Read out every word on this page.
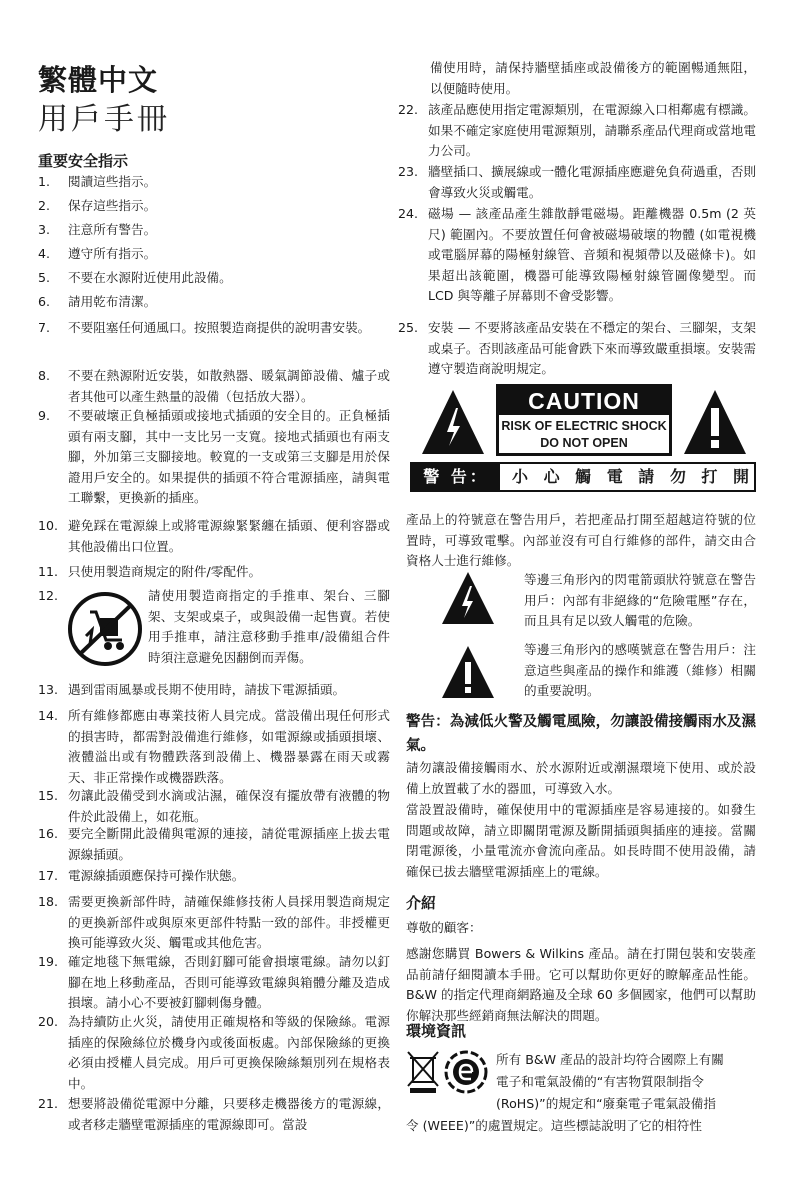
繁體中文
用戶手冊
重要安全指示
1.	閱讀這些指示。
2.	保存這些指示。
3.	注意所有警告。
4.	遵守所有指示。
5.	不要在水源附近使用此設備。
6.	請用乾布清潔。
7.	不要阻塞任何通風口。按照製造商提供的說明書安裝。
8.	不要在熱源附近安裝，如散熱器、暖氣調節設備、爐子或者其他可以產生熱量的設備（包括放大器）。
9.	不要破壞正負極插頭或接地式插頭的安全目的。正負極插頭有兩支腳，其中一支比另一支寬。接地式插頭也有兩支腳，外加第三支腳接地。較寬的一支或第三支腳是用於保證用戶安全的。如果提供的插頭不符合電源插座，請與電工聯繫，更換新的插座。
10. 避免踩在電源線上或將電源線緊緊纏在插頭、便利容器或其他設備出口位置。
11. 只使用製造商規定的附件/零配件。
12.	請使用製造商指定的手推車、架台、三腳架、支架或桌子，或與設備一起售賣。若使用手推車，請注意移動手推車/設備組合件時須注意避免因翻倒而弄傷。
13. 遇到雷雨風暴或長期不使用時，請拔下電源插頭。
14. 所有維修都應由專業技術人員完成。當設備出現任何形式的損害時，都需對設備進行維修，如電源線或插頭損壞、液體溢出或有物體跌落到設備上、機器暴露在雨天或霧天、非正常操作或機器跌落。
15. 勿讓此設備受到水滴或沾濕，確保沒有擺放帶有液體的物件於此設備上，如花瓶。
16. 要完全斷開此設備與電源的連接，請從電源插座上拔去電源線插頭。
17. 電源線插頭應保持可操作狀態。
18. 需要更換新部件時，請確保維修技術人員採用製造商規定的更換新部件或與原來更部件特點一致的部件。非授權更換可能導致火災、觸電或其他危害。
19. 確定地毯下無電線，否則釘腳可能會損壞電線。請勿以釘腳在地上移動產品，否則可能導致電線與箱體分離及造成損壞。請小心不要被釘腳刺傷身體。
20. 為持續防止火災，請使用正確規格和等級的保險絲。電源插座的保險絲位於機身內或後面板處。內部保險絲的更換必須由授權人員完成。用戶可更換保險絲類別列在規格表中。
21. 想要將設備從電源中分離，只要移走機器後方的電源線，或者移走牆壁電源插座的電源線即可。當設
備使用時，請保持牆壁插座或設備後方的範圍暢通無阻，以便隨時使用。
22. 該產品應使用指定電源類別，在電源線入口相鄰處有標識。如果不確定家庭使用電源類別，請聯系產品代理商或當地電力公司。
23. 牆壁插口、擴展線或一體化電源插座應避免負荷過重，否則會導致火災或觸電。
24. 磁場 — 該產品產生雜散靜電磁場。距離機器 0.5m (2 英尺) 範圍內。不要放置任何會被磁場破壞的物體 (如電視機或電腦屏幕的陽極射線管、音頻和視頻帶以及磁條卡)。如果超出該範圍，機器可能導致陽極射線管圖像變型。而 LCD 與等離子屏幕則不會受影響。
25. 安裝 — 不要將該產品安裝在不穩定的架台、三腳架，支架或桌子。否則該產品可能會跌下來而導致嚴重損壞。安裝需遵守製造商說明規定。
CAUTION
RISK OF ELECTRIC SHOCK
DO NOT OPEN
警 告：	小 心 觸 電 請 勿 打 開
產品上的符號意在警告用戶，若把產品打開至超越這符號的位置時，可導致電擊。內部並沒有可自行維修的部件，請交由合資格人士進行維修。
等邊三角形內的閃電箭頭狀符號意在警告用戶：內部有非絕緣的“危險電壓”存在，而且具有足以致人觸電的危險。
等邊三角形內的感嘆號意在警告用戶：注意這些與產品的操作和維護（維修）相關的重要說明。
警告：為減低火警及觸電風險，勿讓設備接觸雨水及濕氣。
請勿讓設備接觸雨水、於水源附近或潮濕環境下使用、或於設備上放置載了水的器皿，可導致入水。
當設置設備時，確保使用中的電源插座是容易連接的。如發生問題或故障，請立即關閉電源及斷開插頭與插座的連接。當關閉電源後，小量電流亦會流向產品。如長時間不使用設備，請確保已拔去牆壁電源插座上的電線。
介紹
尊敬的顧客：
感謝您購買 Bowers & Wilkins 產品。請在打開包裝和安裝產品前請仔細閱讀本手冊。它可以幫助你更好的瞭解產品性能。 B&W 的指定代理商網路遍及全球 60 多個國家，他們可以幫助你解決那些經銷商無法解決的問題。
環境資訊
所有 B&W 產品的設計均符合國際上有關
電子和電氣設備的“有害物質限制指令
(RoHS)”的規定和“廢棄電子電氣設備指
令 (WEEE)”的處置規定。這些標誌說明了它的相符性
